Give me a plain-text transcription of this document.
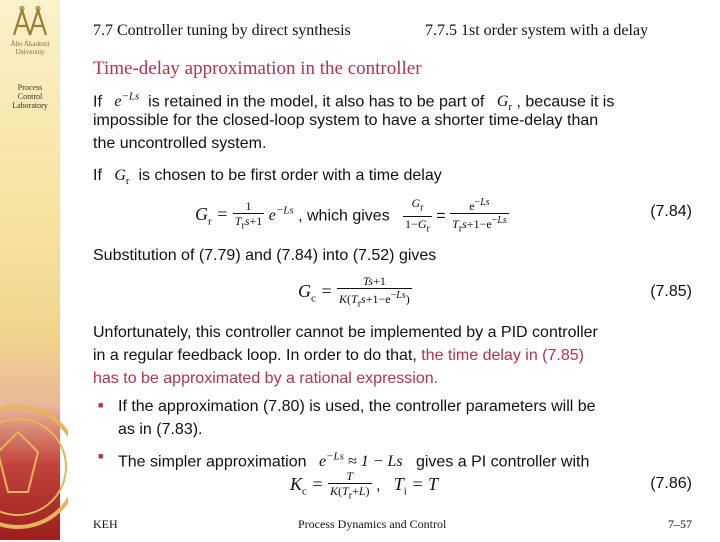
Åbo Akademi
University
Process
Control
Laboratory
7.7 Controller tuning by direct synthesis	7.7.5 1st order system with a delay
Time-delay approximation in the controller
If   $e^{-Ls}$ is retained in the model, it also has to be part of   $G_r$ , because it is
impossible for the closed-loop system to have a shorter time-delay than
the uncontrolled system.
If   $G_r$ is chosen to be first order with a time delay
$G_r = \frac{1}{T_rs+1} e^{-Ls}$ , which gives $\frac{G_r}{1-G_r} = \frac{e^{-Ls}}{T_rs+1-e^{-Ls}}$	(7.84)
Substitution of (7.79) and (7.84) into (7.52) gives
$G_c = \frac{Ts+1}{K(T_rs+1-e^{-Ls})}$	(7.85)
Unfortunately, this controller cannot be implemented by a PID controller
in a regular feedback loop. In order to do that, the time delay in (7.85)
has to be approximated by a rational expression.
■ If the approximation (7.80) is used, the controller parameters will be
as in (7.83).
■ The simpler approximation   $e^{-Ls} \approx 1 - Ls$ gives a PI controller with
$K_c = \frac{T}{K(T_r+L)}$ , $T_i = T$	(7.86)
KEH	Process Dynamics and Control	7–57
